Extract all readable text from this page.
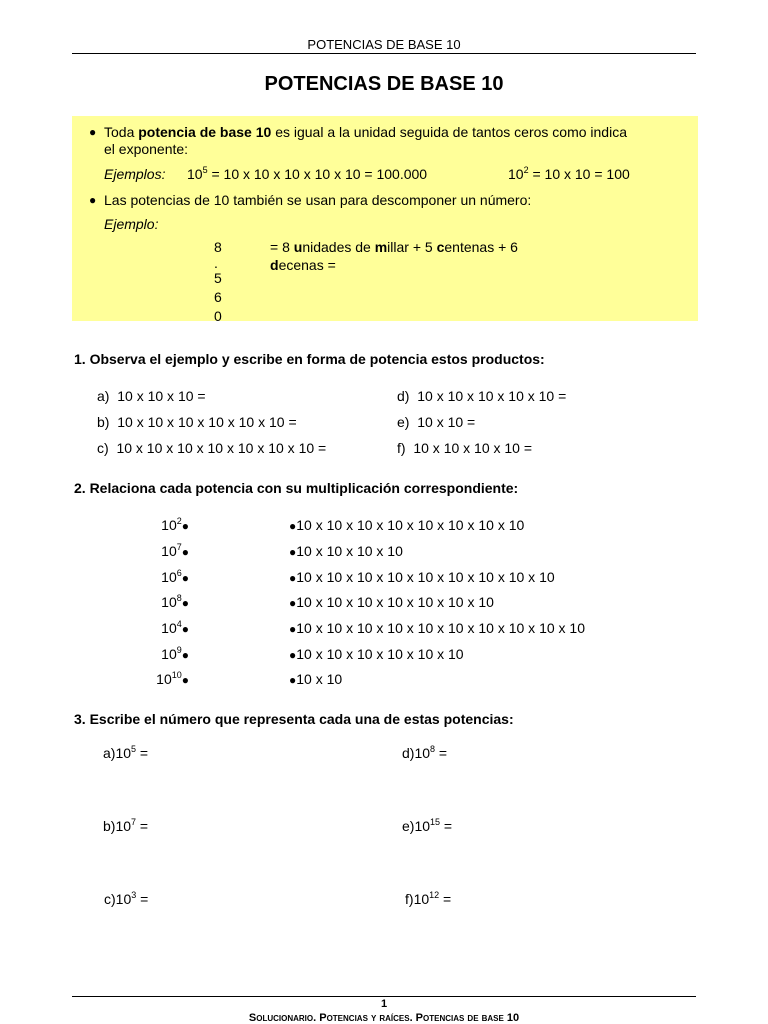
POTENCIAS DE BASE 10
POTENCIAS DE BASE 10
● Toda potencia de base 10 es igual a la unidad seguida de tantos ceros como indica
el exponente:
Ejemplos: $10^5 = 10$ x 10 x 10 x 10 x 10 = 100.000	$10^2 = 10$ x 10 = 100
● Las potencias de 10 también se usan para descomponer un número:
Ejemplo:
8
.
5
6
0
= 8 unidades de millar + 5 centenas + 6
decenas =
1. Observa el ejemplo y escribe en forma de potencia estos productos:
a) 10 x 10 x 10 =
b) 10 x 10 x 10 x 10 x 10 x 10 =
c) 10 x 10 x 10 x 10 x 10 x 10 x 10 =
d) 10 x 10 x 10 x 10 x 10 =
e) 10 x 10 =
f) 10 x 10 x 10 x 10 =
2. Relaciona cada potencia con su multiplicación correspondiente:
$10^2●$
$10^7●$
$10^6●$
$10^8●$
$10^4●$
$10^9●$
$10^{10}●$
●10 x 10 x 10 x 10 x 10 x 10 x 10 x 10
●10 x 10 x 10 x 10
●10 x 10 x 10 x 10 x 10 x 10 x 10 x 10 x 10
●10 x 10 x 10 x 10 x 10 x 10 x 10
●10 x 10 x 10 x 10 x 10 x 10 x 10 x 10 x 10 x 10
●10 x 10 x 10 x 10 x 10 x 10
●10 x 10
3. Escribe el número que representa cada una de estas potencias:
$a)10^5$ =
$b)10^7$ =
$c)10^3$ =
$d)10^8$ =
$e)10^{15}$ =
$f)10^{12}$ =
1
Solucionario. Potencias y raíces. Potencias de base 10
